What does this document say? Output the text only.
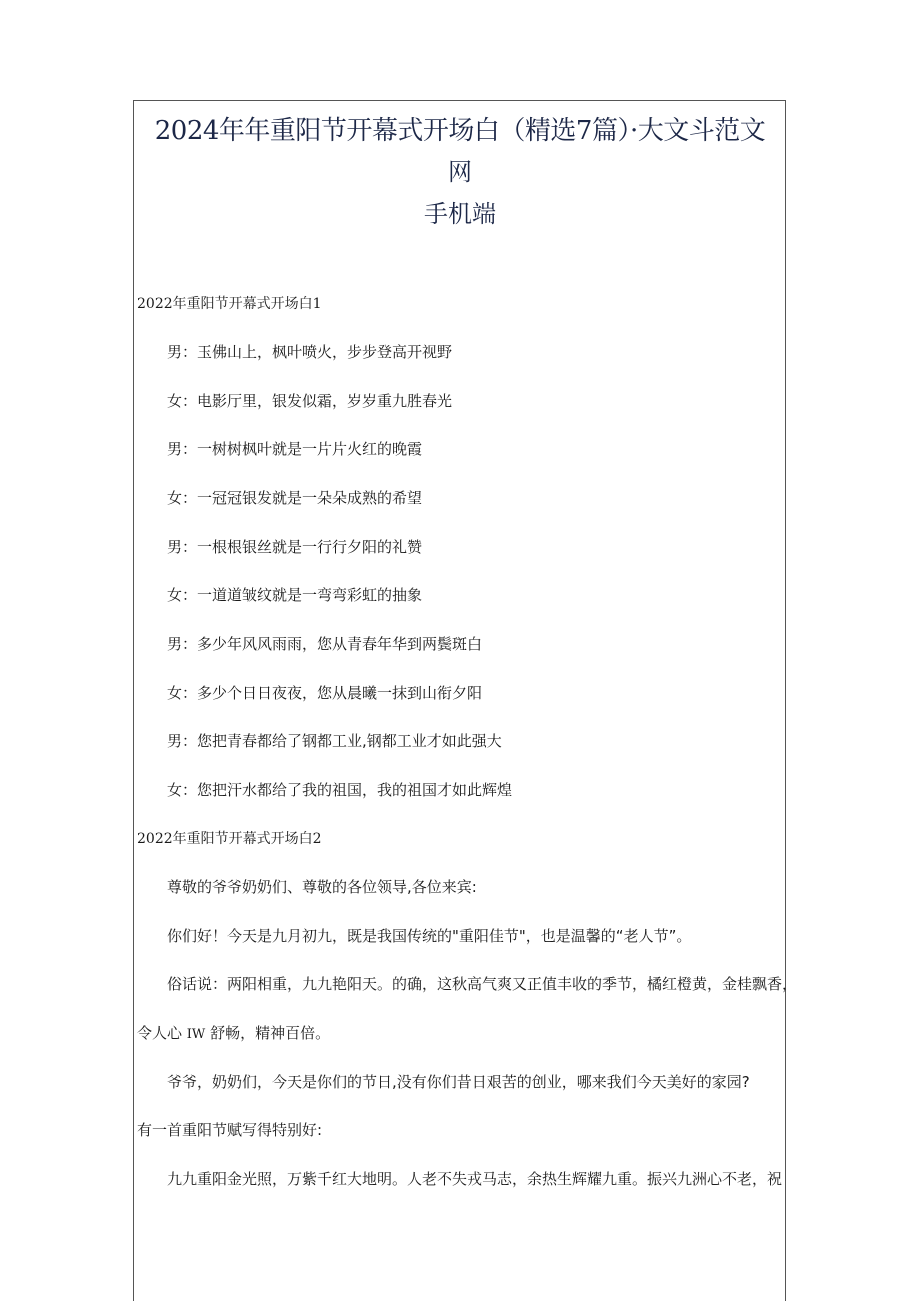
2024年年重阳节开幕式开场白（精选7篇）·大文斗范文
网
手机端
2022年重阳节开幕式开场白1
男：玉佛山上，枫叶喷火，步步登高开视野
女：电影厅里，银发似霜，岁岁重九胜春光
男：一树树枫叶就是一片片火红的晚霞
女：一冠冠银发就是一朵朵成熟的希望
男：一根根银丝就是一行行夕阳的礼赞
女：一道道皱纹就是一弯弯彩虹的抽象
男：多少年风风雨雨，您从青春年华到两鬓斑白
女：多少个日日夜夜，您从晨曦一抹到山衔夕阳
男：您把青春都给了钢都工业,钢都工业才如此强大
女：您把汗水都给了我的祖国，我的祖国才如此辉煌
2022年重阳节开幕式开场白2
尊敬的爷爷奶奶们、尊敬的各位领导,各位来宾:
你们好！今天是九月初九，既是我国传统的"重阳佳节"，也是温馨的“老人节”。
俗话说：两阳相重，九九艳阳天。的确，这秋高气爽又正值丰收的季节，橘红橙黄，金桂飘香，
令人心 IW 舒畅，精神百倍。
爷爷，奶奶们，今天是你们的节日,没有你们昔日艰苦的创业，哪来我们今天美好的家园?
有一首重阳节赋写得特别好:
九九重阳金光照，万紫千红大地明。人老不失戎马志，余热生辉耀九重。振兴九洲心不老，祝
